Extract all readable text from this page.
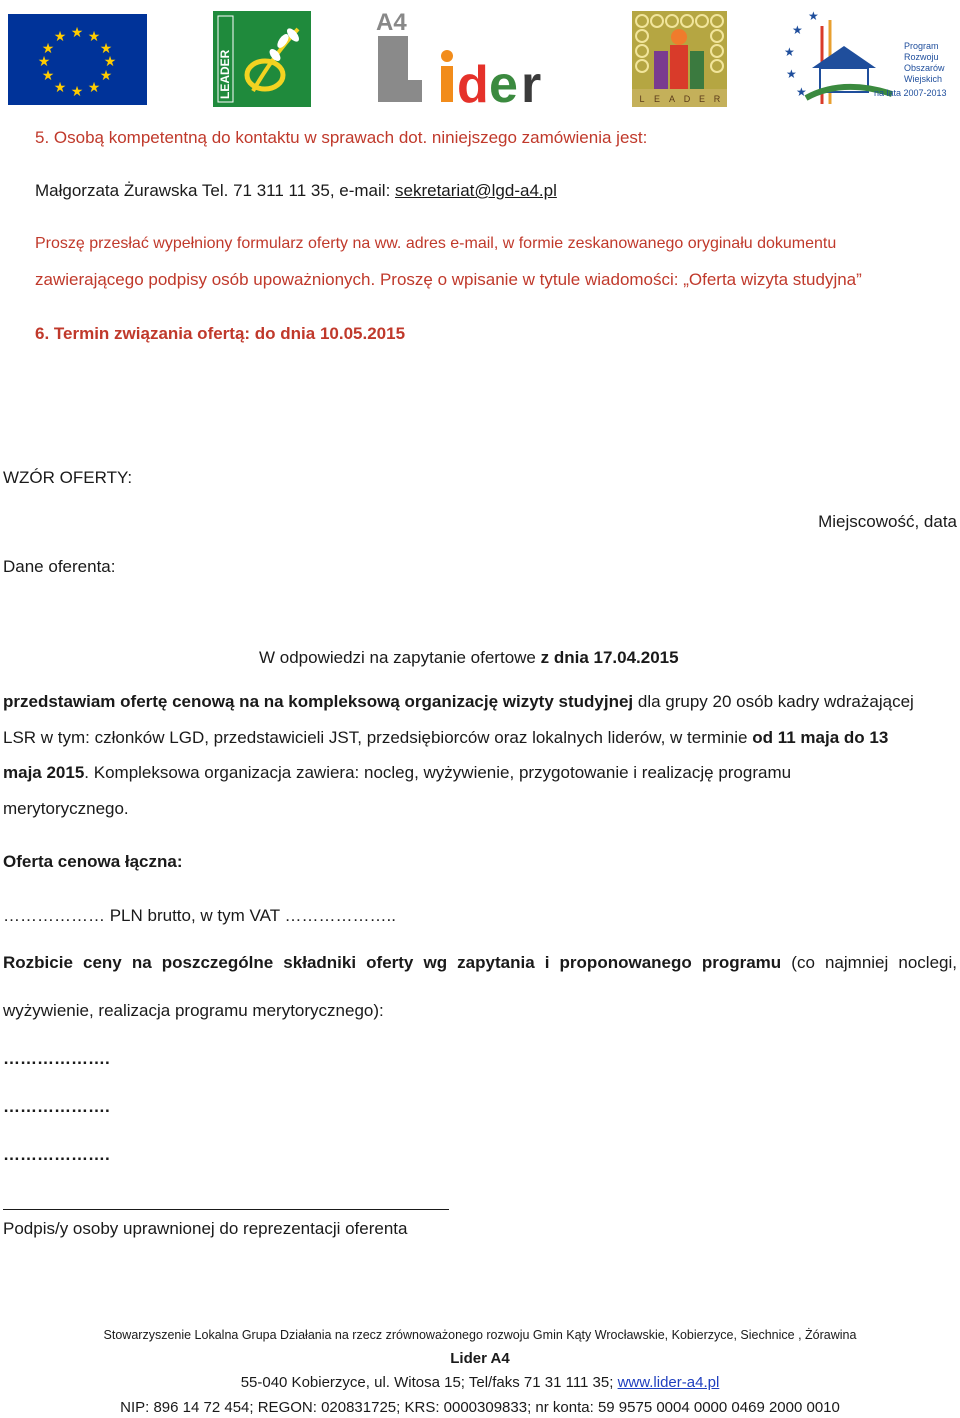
★ ★
★
★
★
★
★
★
★
★
★
★
LEADER
A4
d e r	L E A D E R
★
★
★
★
★
Program
Rozwoju
Obszarów
Wiejskich
na lata 2007-2013
5. Osobą kompetentną do kontaktu w sprawach dot. niniejszego zamówienia jest:
Małgorzata Żurawska Tel. 71 311 11 35, e-mail: sekretariat@lgd-a4.pl
Proszę przesłać wypełniony formularz oferty na ww. adres e-mail, w formie zeskanowanego oryginału dokumentu
zawierającego podpisy osób upoważnionych. Proszę o wpisanie w tytule wiadomości: „Oferta wizyta studyjna”
6. Termin związania ofertą: do dnia 10.05.2015
WZÓR OFERTY:
Miejscowość, data
Dane oferenta:
W odpowiedzi na zapytanie ofertowe z dnia 17.04.2015
przedstawiam ofertę cenową na na kompleksową organizację wizyty studyjnej dla grupy 20 osób kadry wdrażającej
LSR w tym: członków LGD, przedstawicieli JST, przedsiębiorców oraz lokalnych liderów, w terminie od 11 maja do 13
maja 2015. Kompleksowa organizacja zawiera: nocleg, wyżywienie, przygotowanie i realizację programu
merytorycznego.
Oferta cenowa łączna:
……………… PLN brutto, w tym VAT ………………..
Rozbicie ceny na poszczególne składniki oferty wg zapytania i proponowanego programu (co najmniej noclegi,
wyżywienie, realizacja programu merytorycznego):
……………….
……………….
……………….
Podpis/y osoby uprawnionej do reprezentacji oferenta
Stowarzyszenie Lokalna Grupa Działania na rzecz zrównoważonego rozwoju Gmin Kąty Wrocławskie, Kobierzyce, Siechnice , Żórawina
Lider A4
55-040 Kobierzyce, ul. Witosa 15; Tel/faks 71 31 111 35; www.lider-a4.pl
NIP: 896 14 72 454; REGON: 020831725; KRS: 0000309833; nr konta: 59 9575 0004 0000 0469 2000 0010
